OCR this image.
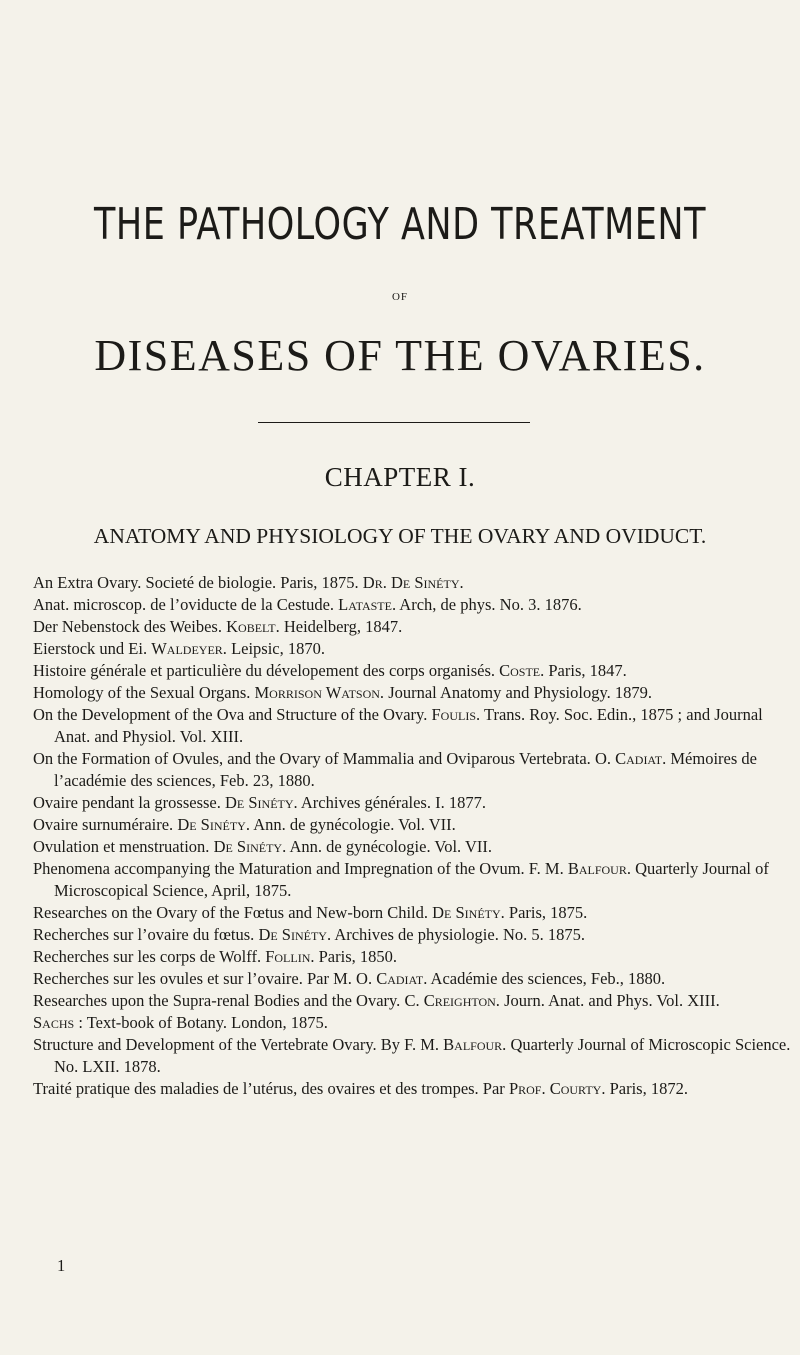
THE PATHOLOGY AND TREATMENT
OF
DISEASES OF THE OVARIES.
CHAPTER I.
ANATOMY AND PHYSIOLOGY OF THE OVARY AND OVIDUCT.
An Extra Ovary. Societé de biologie. Paris, 1875. Dr. De Sinéty.
Anat. microscop. de l’oviducte de la Cestude. Lataste. Arch, de phys. No. 3. 1876.
Der Nebenstock des Weibes. Kobelt. Heidelberg, 1847.
Eierstock und Ei. Waldeyer. Leipsic, 1870.
Histoire générale et particulière du dévelopement des corps organisés. Coste. Paris, 1847.
Homology of the Sexual Organs. Morrison Watson. Journal Anatomy and Physiology. 1879.
On the Development of the Ova and Structure of the Ovary. Foulis. Trans. Roy. Soc. Edin., 1875 ; and Journal Anat. and Physiol. Vol. XIII.
On the Formation of Ovules, and the Ovary of Mammalia and Oviparous Vertebrata. O. Cadiat. Mémoires de l’académie des sciences, Feb. 23, 1880.
Ovaire pendant la grossesse. De Sinéty. Archives générales. I. 1877.
Ovaire surnuméraire. De Sinéty. Ann. de gynécologie. Vol. VII.
Ovulation et menstruation. De Sinéty. Ann. de gynécologie. Vol. VII.
Phenomena accompanying the Maturation and Impregnation of the Ovum. F. M. Balfour. Quarterly Journal of Microscopical Science, April, 1875.
Researches on the Ovary of the Fœtus and New-born Child. De Sinéty. Paris, 1875.
Recherches sur l’ovaire du fœtus. De Sinéty. Archives de physiologie. No. 5. 1875.
Recherches sur les corps de Wolff. Follin. Paris, 1850.
Recherches sur les ovules et sur l’ovaire. Par M. O. Cadiat. Académie des sciences, Feb., 1880.
Researches upon the Supra-renal Bodies and the Ovary. C. Creighton. Journ. Anat. and Phys. Vol. XIII.
Sachs : Text-book of Botany. London, 1875.
Structure and Development of the Vertebrate Ovary. By F. M. Balfour. Quarterly Journal of Microscopic Science. No. LXII. 1878.
Traité pratique des maladies de l’utérus, des ovaires et des trompes. Par Prof. Courty. Paris, 1872.
1
